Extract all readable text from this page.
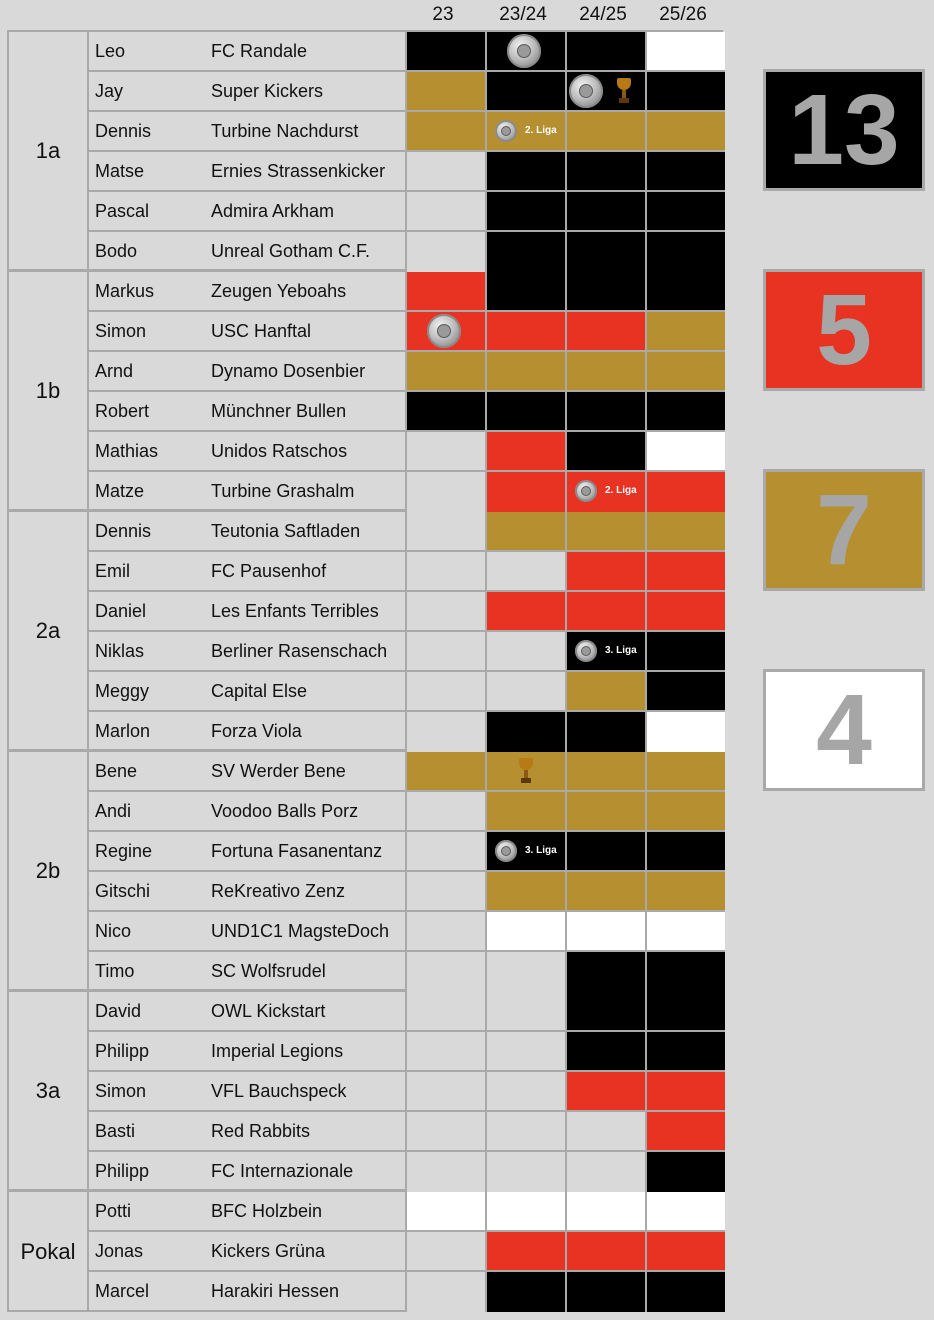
23	23/24	24/25	25/26
1a
Leo	FC Randale
Jay	Super Kickers
Dennis	Turbine Nachdurst	2. Liga
Matse	Ernies Strassenkicker
Pascal	Admira Arkham
Bodo	Unreal Gotham C.F.
1b
Markus	Zeugen Yeboahs
Simon	USC Hanftal
Arnd	Dynamo Dosenbier
Robert	Münchner Bullen
Mathias	Unidos Ratschos
Matze	Turbine Grashalm	2. Liga
2a
Dennis	Teutonia Saftladen
Emil	FC Pausenhof
Daniel	Les Enfants Terribles
Niklas	Berliner Rasenschach	3. Liga
Meggy	Capital Else
Marlon	Forza Viola
2b
Bene	SV Werder Bene
Andi	Voodoo Balls Porz
Regine	Fortuna Fasanentanz	3. Liga
Gitschi	ReKreativo Zenz
Nico	UND1C1 MagsteDoch
Timo	SC Wolfsrudel
3a
David	OWL Kickstart
Philipp	Imperial Legions
Simon	VFL Bauchspeck
Basti	Red Rabbits
Philipp	FC Internazionale
Pokal
Potti	BFC Holzbein
Jonas	Kickers Grüna
Marcel	Harakiri Hessen
13
5
7
4
